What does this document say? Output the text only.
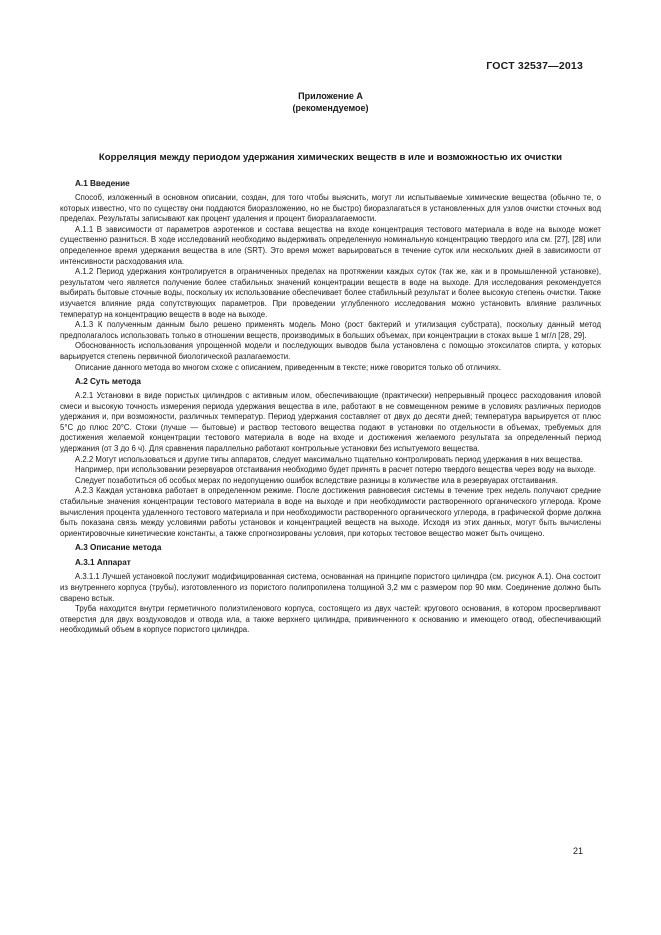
ГОСТ 32537—2013
Приложение А
(рекомендуемое)
Корреляция между периодом удержания химических веществ в иле и возможностью их очистки
А.1 Введение

Способ, изложенный в основном описании, создан, для того чтобы выяснить, могут ли испытываемые химические вещества (обычно те, о которых известно, что по существу они поддаются биоразложению, но не быстро) биоразлагаться в установленных для узлов очистки сточных вод пределах. Результаты записывают как процент удаления и процент биоразлагаемости.

А.1.1 В зависимости от параметров аэротенков и состава вещества на входе концентрация тестового материала в воде на выходе может существенно разниться. В ходе исследований необходимо выдерживать определенную номинальную концентрацию твердого ила см. [27], [28] или определенное время удержания вещества в иле (SRT). Это время может варьироваться в течение суток или нескольких дней в зависимости от интенсивности расходования ила.

А.1.2 Период удержания контролируется в ограниченных пределах на протяжении каждых суток (так же, как и в промышленной установке), результатом чего является получение более стабильных значений концентрации веществ в воде на выходе. Для исследования рекомендуется выбирать бытовые сточные воды, поскольку их использование обеспечивает более стабильный результат и более высокую степень очистки. Также изучается влияние ряда сопутствующих параметров. При проведении углубленного исследования можно установить влияние различных температур на концентрацию веществ в воде на выходе.

А.1.3 К полученным данным было решено применять модель Моно (рост бактерий и утилизация субстрата), поскольку данный метод предполагалось использовать только в отношении веществ, производимых в больших объемах, при концентрации в стоках выше 1 мг/л [28, 29].

Обоснованность использования упрощенной модели и последующих выводов была установлена с помощью этоксилатов спирта, у которых варьируется степень первичной биологической разлагаемости.

Описание данного метода во многом схоже с описанием, приведенным в тексте; ниже говорится только об отличиях.

А.2 Суть метода

А.2.1 Установки в виде пористых цилиндров с активным илом, обеспечивающие (практически) непрерывный процесс расходования иловой смеси и высокую точность измерения периода удержания вещества в иле, работают в не совмещенном режиме в условиях различных периодов удержания и, при возможности, различных температур. Период удержания составляет от двух до десяти дней; температура варьируется от плюс 5°С до плюс 20°С. Стоки (лучше — бытовые) и раствор тестового вещества подают в установки по отдельности в объемах, требуемых для достижения желаемой концентрации тестового материала в воде на входе и достижения желаемого результата за определенный период удержания (от 3 до 6 ч). Для сравнения параллельно работают контрольные установки без испытуемого вещества.

А.2.2 Могут использоваться и другие типы аппаратов, следует максимально тщательно контролировать период удержания в них вещества.

Например, при использовании резервуаров отстаивания необходимо будет принять в расчет потерю твердого вещества через воду на выходе.

Следует позаботиться об особых мерах по недопущению ошибок вследствие разницы в количестве ила в резервуарах отстаивания.

А.2.3 Каждая установка работает в определенном режиме. После достижения равновесия системы в течение трех недель получают средние стабильные значения концентрации тестового материала в воде на выходе и при необходимости растворенного органического углерода. Кроме вычисления процента удаленного тестового материала и при необходимости растворенного органического углерода, в графической форме должна быть показана связь между условиями работы установок и концентрацией веществ на выходе. Исходя из этих данных, могут быть вычислены ориентировочные кинетические константы, а также спрогнозированы условия, при которых тестовое вещество может быть очищено.

А.3 Описание метода
А.3.1 Аппарат

А.3.1.1 Лучшей установкой послужит модифицированная система, основанная на принципе пористого цилиндра (см. рисунок А.1). Она состоит из внутреннего корпуса (трубы), изготовленного из пористого полипропилена толщиной 3,2 мм с размером пор 90 мкм. Соединение должно быть сварено встык.

Труба находится внутри герметичного полиэтиленового корпуса, состоящего из двух частей: кругового основания, в котором просверливают отверстия для двух воздуховодов и отвода ила, а также верхнего цилиндра, привинченного к основанию и имеющего отвод, обеспечивающий необходимый объем в корпусе пористого цилиндра.

21
